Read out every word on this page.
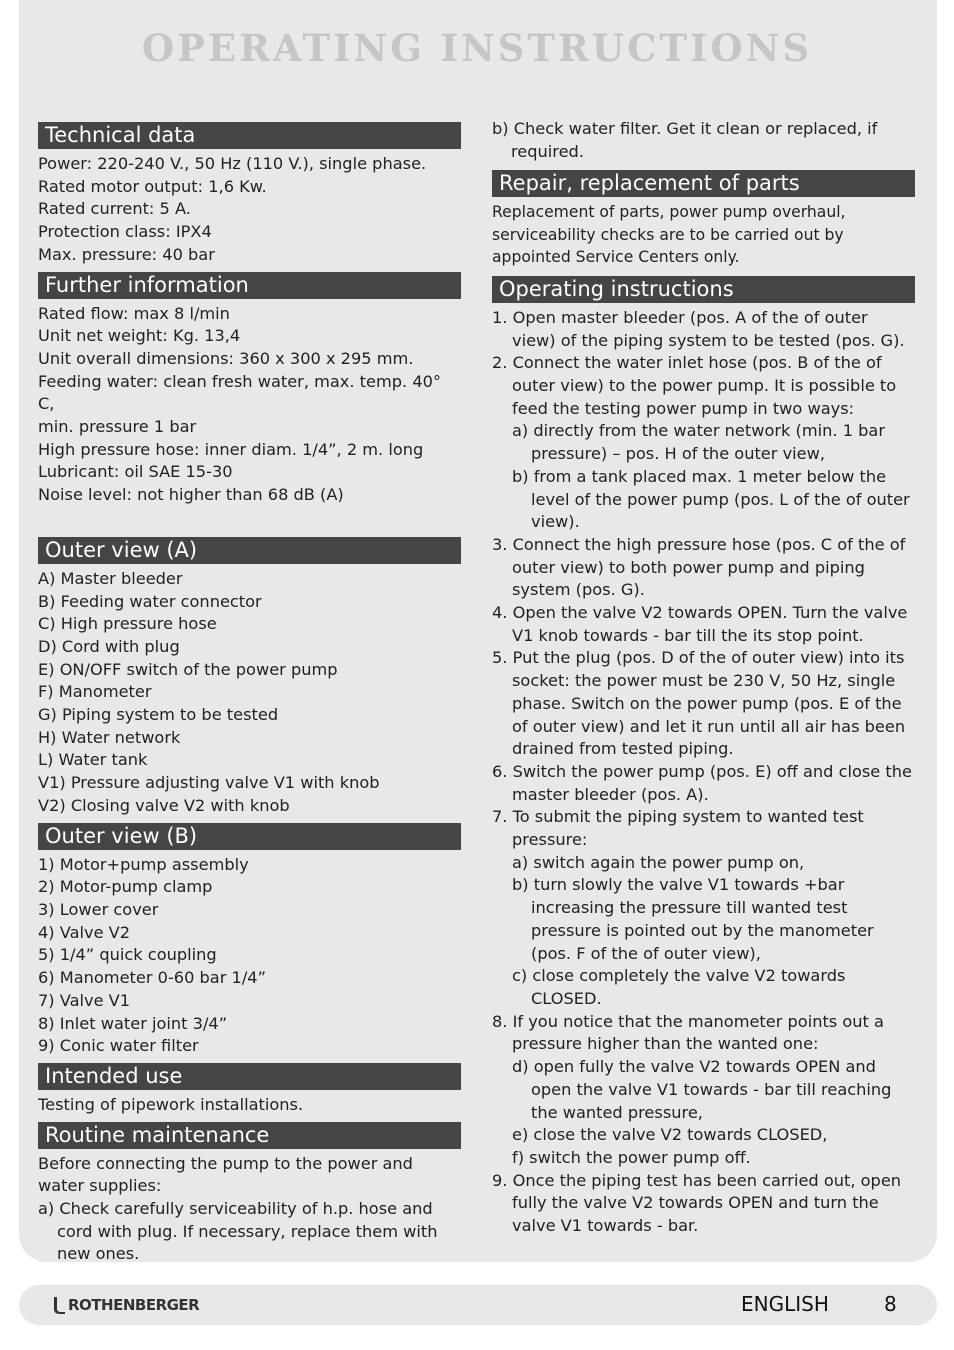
OPERATING INSTRUCTIONS
Technical data

Power: 220-240 V., 50 Hz (110 V.), single phase.

Rated motor output: 1,6 Kw.

Rated current: 5 A.

Protection class: IPX4

Max. pressure: 40 bar

Further information

Rated flow: max 8 l/min

Unit net weight: Kg. 13,4

Unit overall dimensions: 360 x 300 x 295 mm.

Feeding water: clean fresh water, max. temp. 40° C,

min. pressure 1 bar

High pressure hose: inner diam. 1/4”, 2 m. long

Lubricant: oil SAE 15-30

Noise level: not higher than 68 dB (A)

Outer view (A)

A) Master bleeder

B) Feeding water connector

C) High pressure hose

D) Cord with plug

E) ON/OFF switch of the power pump

F) Manometer

G) Piping system to be tested

H) Water network

L) Water tank

V1) Pressure adjusting valve V1 with knob

V2) Closing valve V2 with knob

Outer view (B)

1) Motor+pump assembly

2) Motor-pump clamp

3) Lower cover

4) Valve V2

5) 1/4” quick coupling

6) Manometer 0-60 bar 1/4”

7) Valve V1

8) Inlet water joint 3/4”

9) Conic water filter

Intended use

Testing of pipework installations.

Routine maintenance

Before connecting the pump to the power and water supplies:

a) Check carefully serviceability of h.p. hose and cord with plug. If necessary, replace them with new ones.

b) Check water filter. Get it clean or replaced, if required.

Repair, replacement of parts

Replacement of parts, power pump overhaul, serviceability checks are to be carried out by appointed Service Centers only.

Operating instructions
1. Open master bleeder (pos. A of the of outer view) of the piping system to be tested (pos. G).
2. Connect the water inlet hose (pos. B of the of outer view) to the power pump. It is possible to feed the testing power pump in two ways:
a) directly from the water network (min. 1 bar pressure) – pos. H of the outer view,
b) from a tank placed max. 1 meter below the level of the power pump (pos. L of the of outer view).
3. Connect the high pressure hose (pos. C of the of outer view) to both power pump and piping system (pos. G).
4. Open the valve V2 towards OPEN. Turn the valve V1 knob towards - bar till the its stop point.
5. Put the plug (pos. D of the of outer view) into its socket: the power must be 230 V, 50 Hz, single phase. Switch on the power pump (pos. E of the of outer view) and let it run until all air has been drained from tested piping.
6. Switch the power pump (pos. E) off and close the master bleeder (pos. A).
7. To submit the piping system to wanted test pressure:
a) switch again the power pump on,
b) turn slowly the valve V1 towards +bar increasing the pressure till wanted test pressure is pointed out by the manometer (pos. F of the of outer view),
c) close completely the valve V2 towards CLOSED.
8. If you notice that the manometer points out a pressure higher than the wanted one:
d) open fully the valve V2 towards OPEN and open the valve V1 towards - bar till reaching the wanted pressure,
e) close the valve V2 towards CLOSED,
f) switch the power pump off.
9. Once the piping test has been carried out, open fully the valve V2 towards OPEN and turn the valve V1 towards - bar.
ROTHENBERGER	ENGLISH	8
